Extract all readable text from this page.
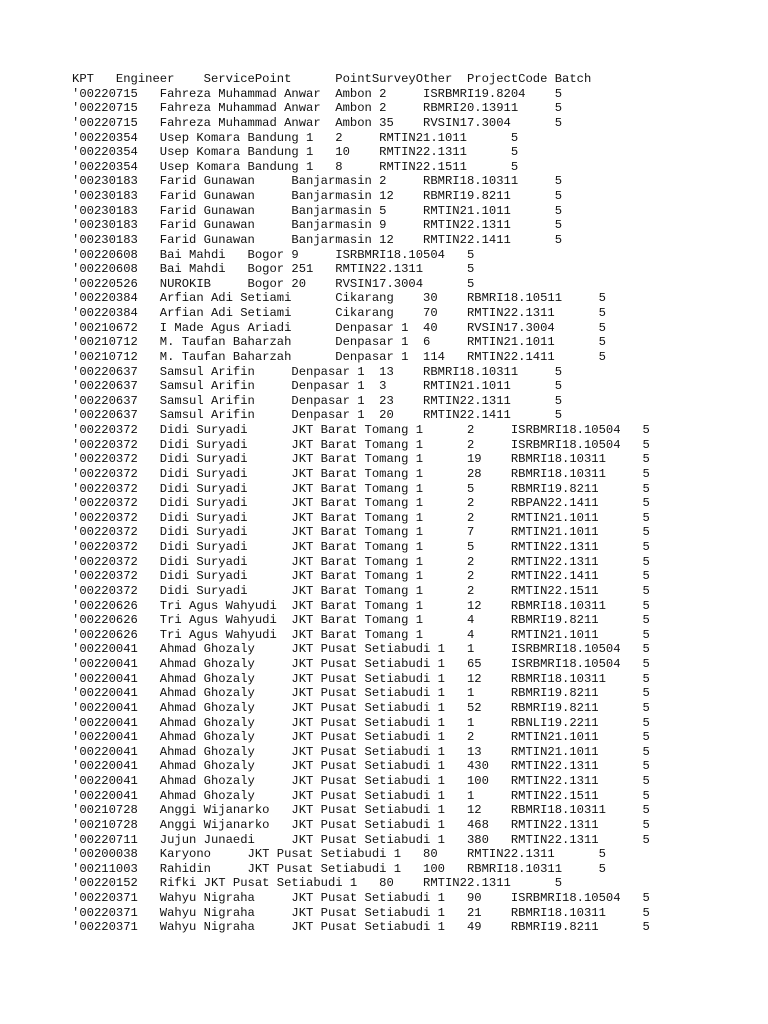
KPT   Engineer    ServicePoint      PointSurveyOther  ProjectCode Batch
'00220715   Fahreza Muhammad Anwar  Ambon 2     ISRBMRI19.8204    5
'00220715   Fahreza Muhammad Anwar  Ambon 2     RBMRI20.13911     5
'00220715   Fahreza Muhammad Anwar  Ambon 35    RVSIN17.3004      5
'00220354   Usep Komara Bandung 1   2     RMTIN21.1011      5
'00220354   Usep Komara Bandung 1   10    RMTIN22.1311      5
'00220354   Usep Komara Bandung 1   8     RMTIN22.1511      5
'00230183   Farid Gunawan     Banjarmasin 2     RBMRI18.10311     5
'00230183   Farid Gunawan     Banjarmasin 12    RBMRI19.8211      5
'00230183   Farid Gunawan     Banjarmasin 5     RMTIN21.1011      5
'00230183   Farid Gunawan     Banjarmasin 9     RMTIN22.1311      5
'00230183   Farid Gunawan     Banjarmasin 12    RMTIN22.1411      5
'00220608   Bai Mahdi   Bogor 9     ISRBMRI18.10504   5
'00220608   Bai Mahdi   Bogor 251   RMTIN22.1311      5
'00220526   NUROKIB     Bogor 20    RVSIN17.3004      5
'00220384   Arfian Adi Setiami      Cikarang    30    RBMRI18.10511     5
'00220384   Arfian Adi Setiami      Cikarang    70    RMTIN22.1311      5
'00210672   I Made Agus Ariadi      Denpasar 1  40    RVSIN17.3004      5
'00210712   M. Taufan Baharzah      Denpasar 1  6     RMTIN21.1011      5
'00210712   M. Taufan Baharzah      Denpasar 1  114   RMTIN22.1411      5
'00220637   Samsul Arifin     Denpasar 1  13    RBMRI18.10311     5
'00220637   Samsul Arifin     Denpasar 1  3     RMTIN21.1011      5
'00220637   Samsul Arifin     Denpasar 1  23    RMTIN22.1311      5
'00220637   Samsul Arifin     Denpasar 1  20    RMTIN22.1411      5
'00220372   Didi Suryadi      JKT Barat Tomang 1      2     ISRBMRI18.10504   5
'00220372   Didi Suryadi      JKT Barat Tomang 1      2     ISRBMRI18.10504   5
'00220372   Didi Suryadi      JKT Barat Tomang 1      19    RBMRI18.10311     5
'00220372   Didi Suryadi      JKT Barat Tomang 1      28    RBMRI18.10311     5
'00220372   Didi Suryadi      JKT Barat Tomang 1      5     RBMRI19.8211      5
'00220372   Didi Suryadi      JKT Barat Tomang 1      2     RBPAN22.1411      5
'00220372   Didi Suryadi      JKT Barat Tomang 1      2     RMTIN21.1011      5
'00220372   Didi Suryadi      JKT Barat Tomang 1      7     RMTIN21.1011      5
'00220372   Didi Suryadi      JKT Barat Tomang 1      5     RMTIN22.1311      5
'00220372   Didi Suryadi      JKT Barat Tomang 1      2     RMTIN22.1311      5
'00220372   Didi Suryadi      JKT Barat Tomang 1      2     RMTIN22.1411      5
'00220372   Didi Suryadi      JKT Barat Tomang 1      2     RMTIN22.1511      5
'00220626   Tri Agus Wahyudi  JKT Barat Tomang 1      12    RBMRI18.10311     5
'00220626   Tri Agus Wahyudi  JKT Barat Tomang 1      4     RBMRI19.8211      5
'00220626   Tri Agus Wahyudi  JKT Barat Tomang 1      4     RMTIN21.1011      5
'00220041   Ahmad Ghozaly     JKT Pusat Setiabudi 1   1     ISRBMRI18.10504   5
'00220041   Ahmad Ghozaly     JKT Pusat Setiabudi 1   65    ISRBMRI18.10504   5
'00220041   Ahmad Ghozaly     JKT Pusat Setiabudi 1   12    RBMRI18.10311     5
'00220041   Ahmad Ghozaly     JKT Pusat Setiabudi 1   1     RBMRI19.8211      5
'00220041   Ahmad Ghozaly     JKT Pusat Setiabudi 1   52    RBMRI19.8211      5
'00220041   Ahmad Ghozaly     JKT Pusat Setiabudi 1   1     RBNLI19.2211      5
'00220041   Ahmad Ghozaly     JKT Pusat Setiabudi 1   2     RMTIN21.1011      5
'00220041   Ahmad Ghozaly     JKT Pusat Setiabudi 1   13    RMTIN21.1011      5
'00220041   Ahmad Ghozaly     JKT Pusat Setiabudi 1   430   RMTIN22.1311      5
'00220041   Ahmad Ghozaly     JKT Pusat Setiabudi 1   100   RMTIN22.1311      5
'00220041   Ahmad Ghozaly     JKT Pusat Setiabudi 1   1     RMTIN22.1511      5
'00210728   Anggi Wijanarko   JKT Pusat Setiabudi 1   12    RBMRI18.10311     5
'00210728   Anggi Wijanarko   JKT Pusat Setiabudi 1   468   RMTIN22.1311      5
'00220711   Jujun Junaedi     JKT Pusat Setiabudi 1   380   RMTIN22.1311      5
'00200038   Karyono     JKT Pusat Setiabudi 1   80    RMTIN22.1311      5
'00211003   Rahidin     JKT Pusat Setiabudi 1   100   RBMRI18.10311     5
'00220152   Rifki JKT Pusat Setiabudi 1   80    RMTIN22.1311      5
'00220371   Wahyu Nigraha     JKT Pusat Setiabudi 1   90    ISRBMRI18.10504   5
'00220371   Wahyu Nigraha     JKT Pusat Setiabudi 1   21    RBMRI18.10311     5
'00220371   Wahyu Nigraha     JKT Pusat Setiabudi 1   49    RBMRI19.8211      5
